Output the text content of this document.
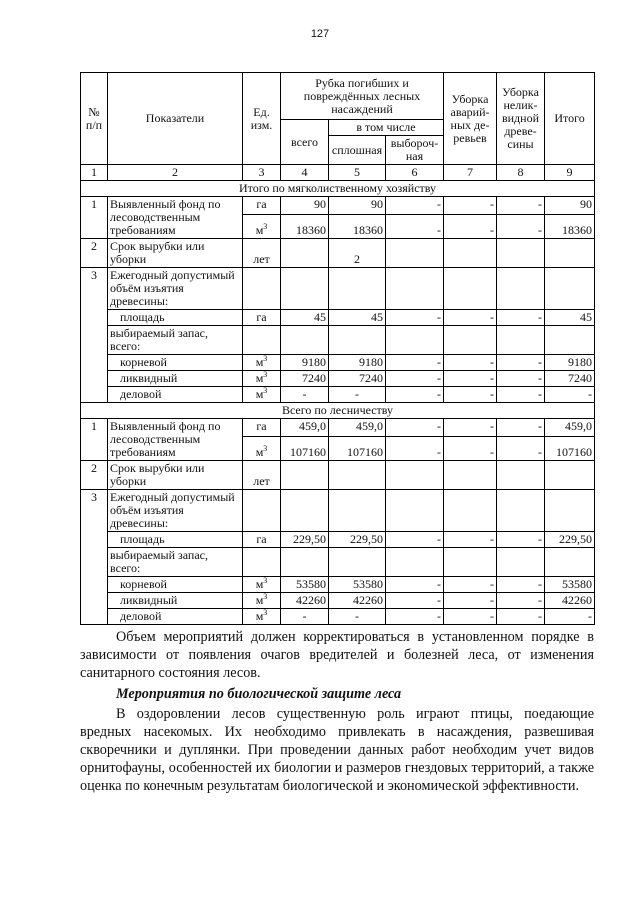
127
№ п/п	Показатели	Ед. изм.	Рубка погибших и повреждённых лесных насаждений			Уборка аварий-ных де-ревьев	Уборка нелик-видной древе-сины	Итого
			всего	в том числе				
				сплошная	выбороч-ная			
1	2	3	4	5	6	7	8	9
Итого по мягколиственному хозяйству								
1	Выявленный фонд по лесоводственным требованиям	га	90	90	-	-	-	90
		$м^3$	18360	18360	-	-	-	18360
2	Срок вырубки или уборки	лет		2				
3	Ежегодный допустимый объём изъятия древесины:							
	площадь	га	45	45	-	-	-	45
	выбираемый запас, всего:							
	корневой	$м^3$	9180	9180	-	-	-	9180
	ликвидный	$м^3$	7240	7240	-	-	-	7240
	деловой	$м^3$	-	-	-	-	-	-
Всего по лесничеству								
1	Выявленный фонд по лесоводственным требованиям	га	459,0	459,0	-	-	-	459,0
		$м^3$	107160	107160	-	-	-	107160
2	Срок вырубки или уборки	лет						
3	Ежегодный допустимый объём изъятия древесины:							
	площадь	га	229,50	229,50	-	-	-	229,50
	выбираемый запас, всего:							
	корневой	$м^3$	53580	53580	-	-	-	53580
	ликвидный	$м^3$	42260	42260	-	-	-	42260
	деловой	$м^3$	-	-	-	-	-	-
Объем мероприятий должен корректироваться в установленном порядке в зависимости от появления очагов вредителей и болезней леса, от изменения санитарного состояния лесов.
Мероприятия по биологической защите леса
В оздоровлении лесов существенную роль играют птицы, поедающие вредных насекомых. Их необходимо привлекать в насаждения, развешивая скворечники и дуплянки. При проведении данных работ необходим учет видов орнитофауны, особенностей их биологии и размеров гнездовых территорий, а также оценка по конечным результатам биологической и экономической эффективности.
